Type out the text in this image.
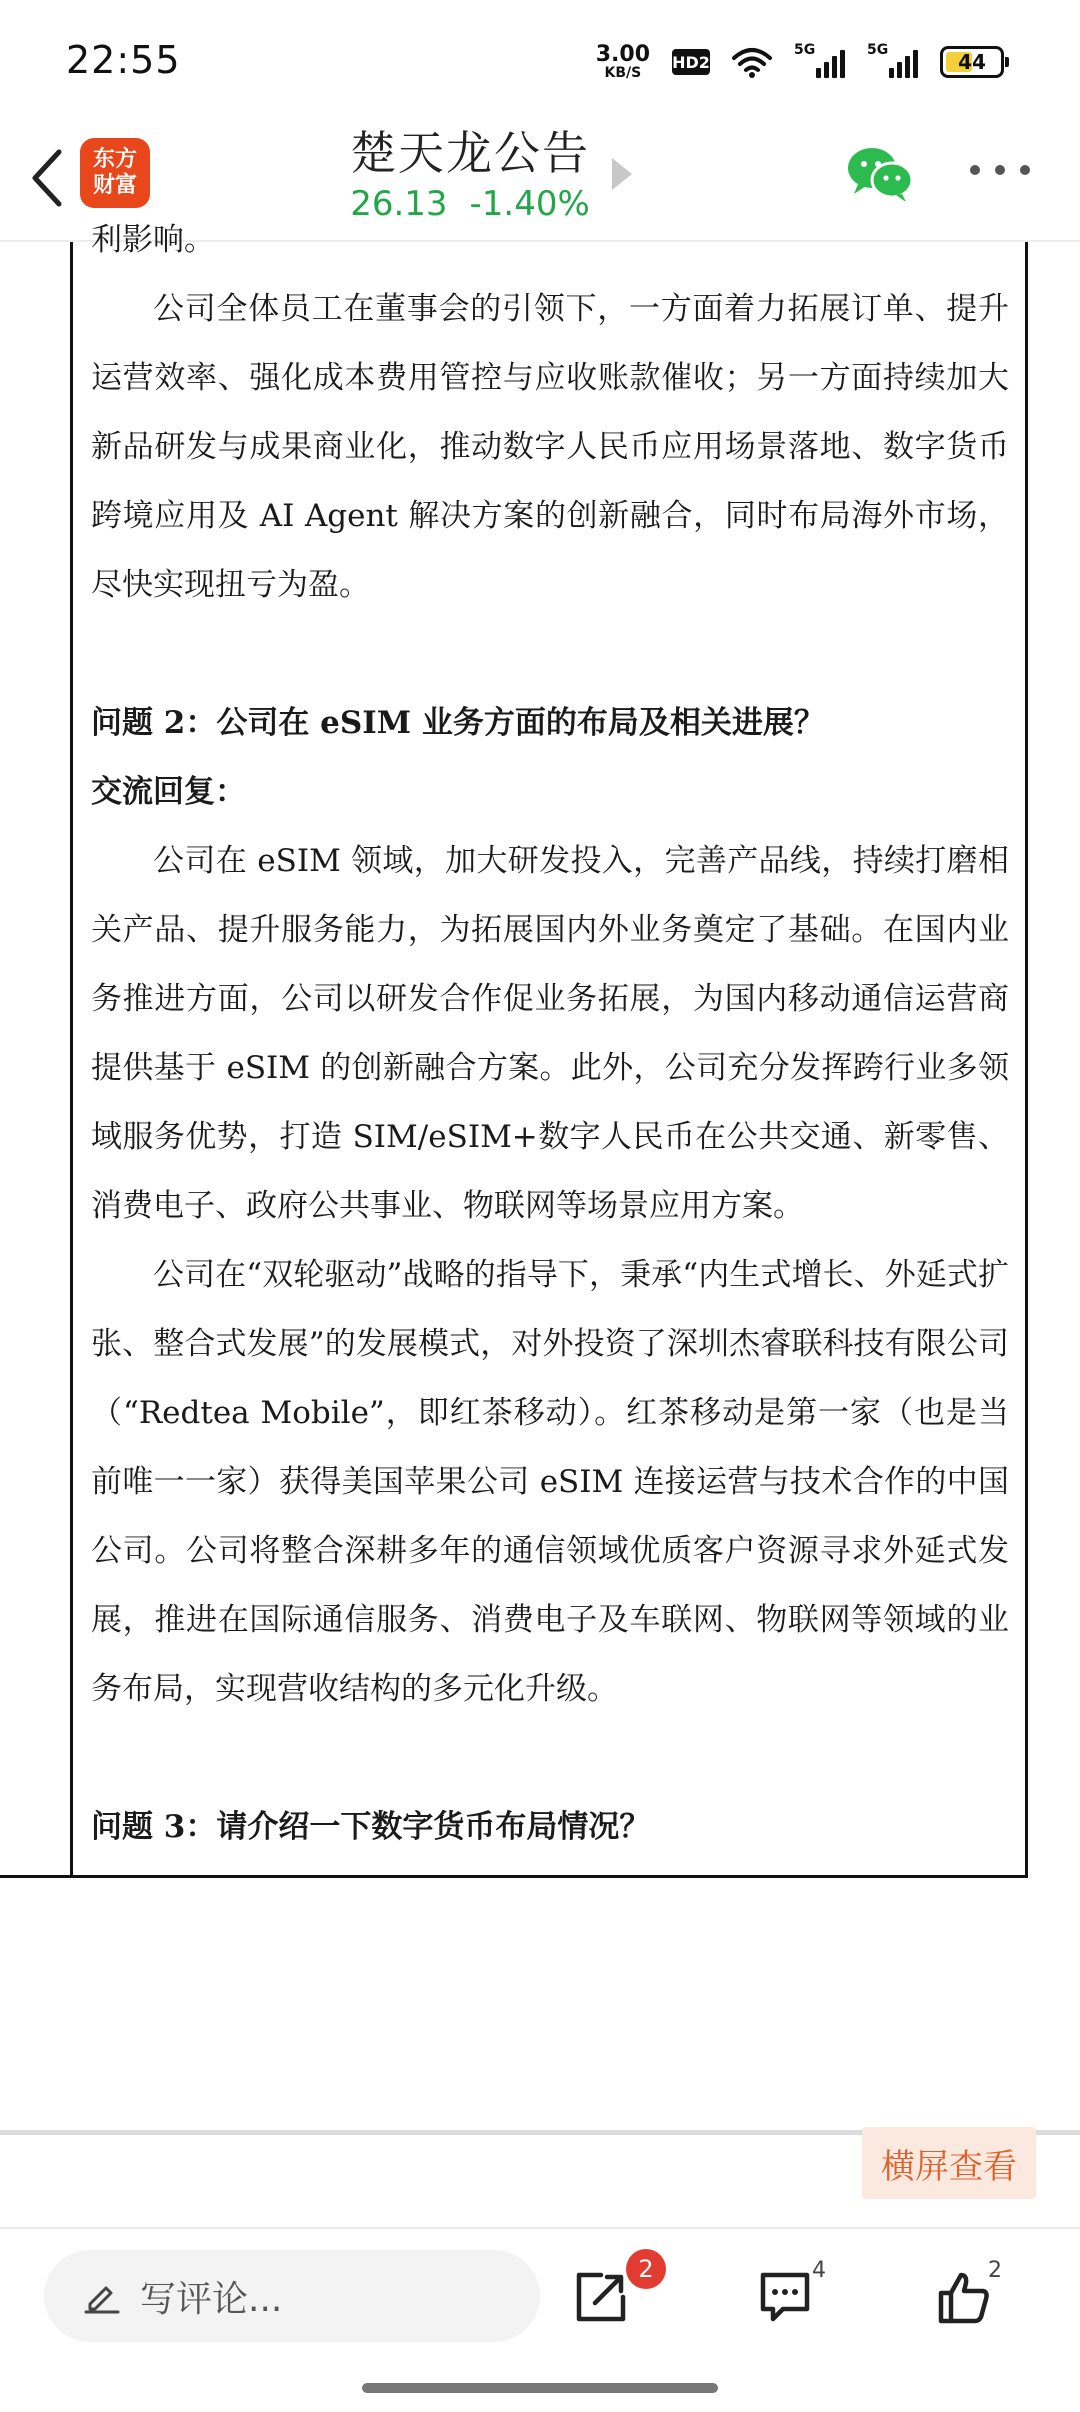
22:55	3.00
KB/S
HD2
5G	5G	44
东方
财富
楚天龙公告
26.13 -1.40%

利影响。

公司全体员工在董事会的引领下，一方面着力拓展订单、提升运营效率、强化成本费用管控与应收账款催收；另一方面持续加大新品研发与成果商业化，推动数字人民币应用场景落地、数字货币跨境应用及 AI Agent 解决方案的创新融合，同时布局海外市场，尽快实现扭亏为盈。

问题 2：公司在 eSIM 业务方面的布局及相关进展？

交流回复：

公司在 eSIM 领域，加大研发投入，完善产品线，持续打磨相关产品、提升服务能力，为拓展国内外业务奠定了基础。在国内业务推进方面，公司以研发合作促业务拓展，为国内移动通信运营商提供基于 eSIM 的创新融合方案。此外，公司充分发挥跨行业多领域服务优势，打造 SIM/eSIM+数字人民币在公共交通、新零售、消费电子、政府公共事业、物联网等场景应用方案。

公司在“双轮驱动”战略的指导下，秉承“内生式增长、外延式扩张、整合式发展”的发展模式，对外投资了深圳杰睿联科技有限公司（“Redtea Mobile”，即红茶移动）。红茶移动是第一家（也是当前唯一一家）获得美国苹果公司 eSIM 连接运营与技术合作的中国公司。公司将整合深耕多年的通信领域优质客户资源寻求外延式发展，推进在国际通信服务、消费电子及车联网、物联网等领域的业务布局，实现营收结构的多元化升级。

问题 3：请介绍一下数字货币布局情况？

横屏查看
写评论...
2	4	2
